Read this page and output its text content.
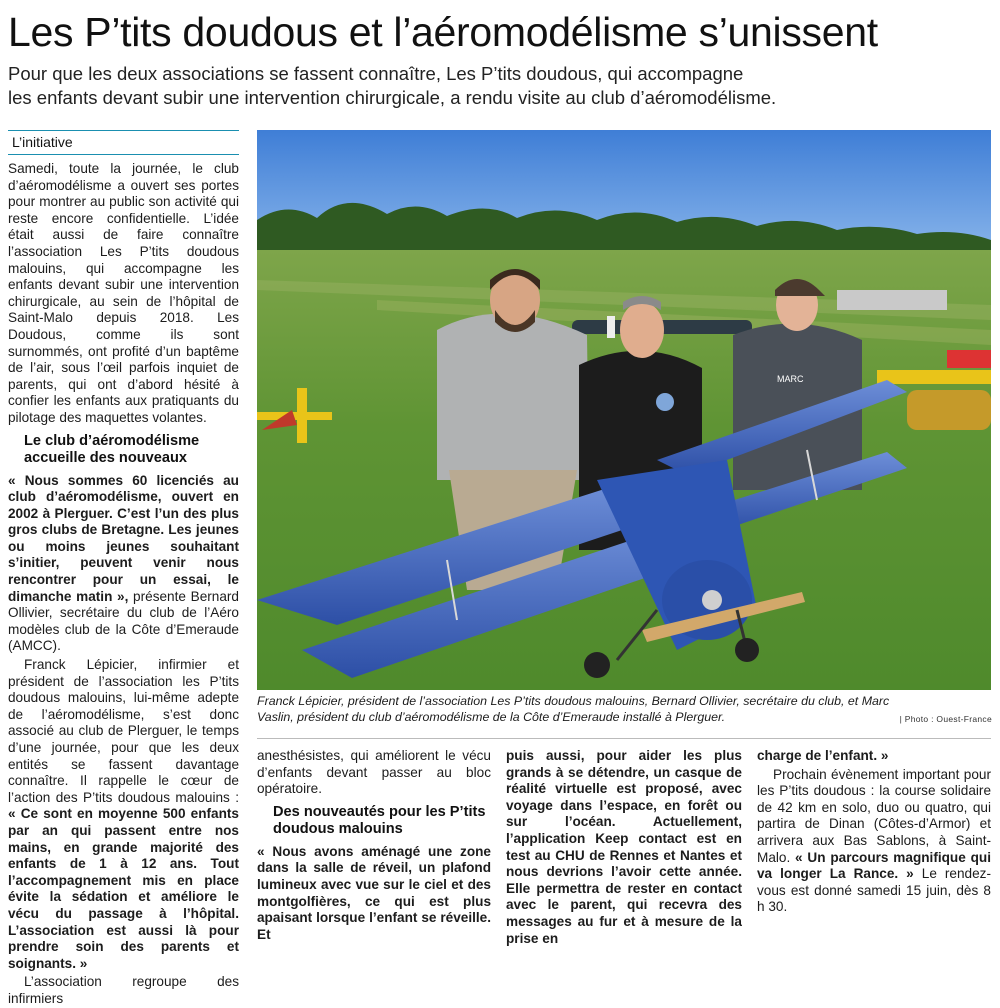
Les P’tits doudous et l’aéromodélisme s’unissent
Pour que les deux associations se fassent connaître, Les P’tits doudous, qui accompagne
les enfants devant subir une intervention chirurgicale, a rendu visite au club d’aéromodélisme.
L’initiative

Samedi, toute la journée, le club d’aéromodélisme a ouvert ses portes pour montrer au public son activité qui reste encore confidentielle. L’idée était aussi de faire connaître l’association Les P’tits doudous malouins, qui accompagne les enfants devant subir une intervention chirurgicale, au sein de l’hôpital de Saint-Malo depuis 2018. Les Doudous, comme ils sont surnommés, ont profité d’un baptême de l’air, sous l’œil parfois inquiet de parents, qui ont d’abord hésité à confier les enfants aux pratiquants du pilotage des maquettes volantes.

Le club d’aéromodélisme accueille des nouveaux

« Nous sommes 60 licenciés au club d’aéromodélisme, ouvert en 2002 à Plerguer. C’est l’un des plus gros clubs de Bretagne. Les jeunes ou moins jeunes souhaitant s’initier, peuvent venir nous rencontrer pour un essai, le dimanche matin », présente Bernard Ollivier, secrétaire du club de l’Aéro modèles club de la Côte d’Emeraude (AMCC).

Franck Lépicier, infirmier et président de l’association les P’tits doudous malouins, lui-même adepte de l’aéromodélisme, s’est donc associé au club de Plerguer, le temps d’une journée, pour que les deux entités se fassent davantage connaître. Il rappelle le cœur de l’action des P’tits doudous malouins : « Ce sont en moyenne 500 enfants par an qui passent entre nos mains, en grande majorité des enfants de 1 à 12 ans. Tout l’accompagnement mis en place évite la sédation et améliore le vécu du passage à l’hôpital. L’association est aussi là pour prendre soin des parents et soignants. »

L’association regroupe des infirmiers

MARC
Franck Lépicier, président de l’association Les P’tits doudous malouins, Bernard Ollivier, secrétaire du club, et Marc Vaslin, président du club d’aéromodélisme de la Côte d’Emeraude installé à Plerguer.	| Photo : Ouest-France

anesthésistes, qui améliorent le vécu d’enfants devant passer au bloc opératoire.

Des nouveautés pour les P’tits doudous malouins

« Nous avons aménagé une zone dans la salle de réveil, un plafond lumineux avec vue sur le ciel et des montgolfières, ce qui est plus apaisant lorsque l’enfant se réveille. Et

puis aussi, pour aider les plus grands à se détendre, un casque de réalité virtuelle est proposé, avec voyage dans l’espace, en forêt ou sur l’océan. Actuellement, l’application Keep contact est en test au CHU de Rennes et Nantes et nous devrions l’avoir cette année. Elle permettra de rester en contact avec le parent, qui recevra des messages au fur et à mesure de la prise en

charge de l’enfant. »

Prochain évènement important pour les P’tits doudous : la course solidaire de 42 km en solo, duo ou quatro, qui partira de Dinan (Côtes-d’Armor) et arrivera aux Bas Sablons, à Saint-Malo. « Un parcours magnifique qui va longer La Rance. » Le rendez-vous est donné samedi 15 juin, dès 8 h 30.
